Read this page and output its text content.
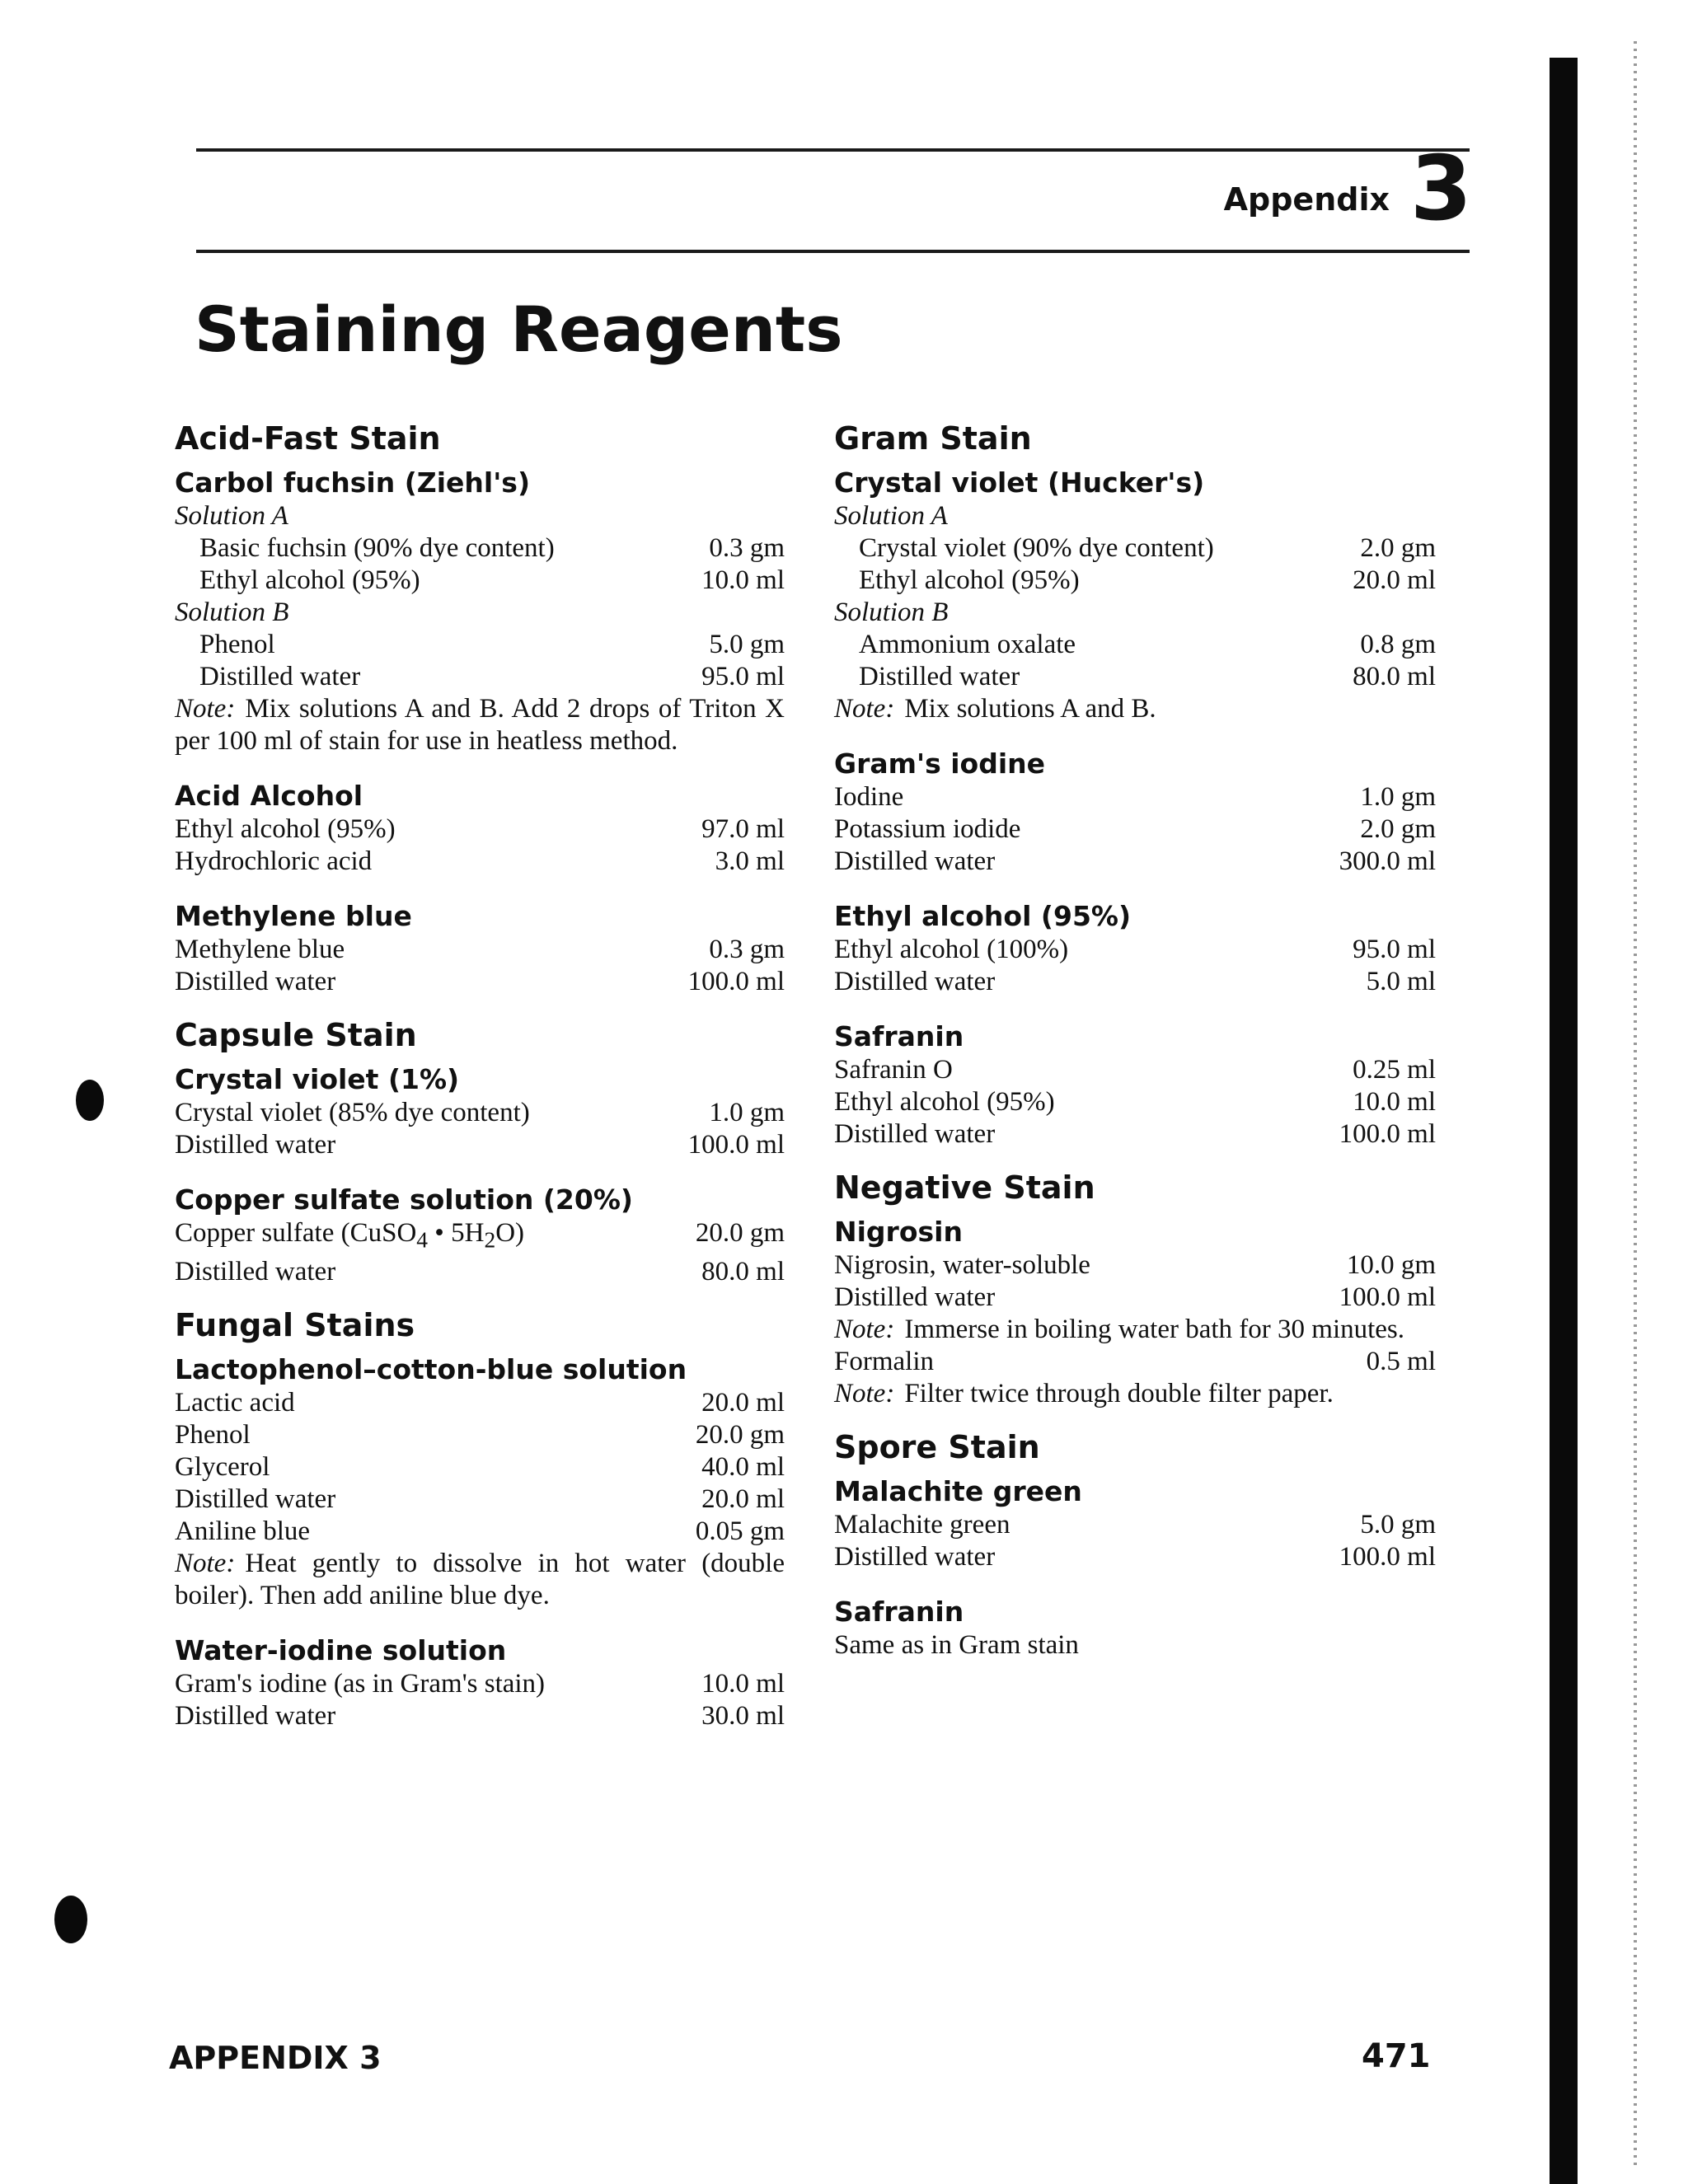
Appendix 3
Staining Reagents
Acid-Fast Stain
Carbol fuchsin (Ziehl's)
Solution A
Basic fuchsin (90% dye content)	0.3 gm
Ethyl alcohol (95%)	10.0 ml
Solution B
Phenol	5.0 gm
Distilled water	95.0 ml
Note: Mix solutions A and B. Add 2 drops of Triton X per 100 ml of stain for use in heatless method.
Acid Alcohol
Ethyl alcohol (95%)	97.0 ml
Hydrochloric acid	3.0 ml
Methylene blue
Methylene blue	0.3 gm
Distilled water	100.0 ml
Capsule Stain
Crystal violet (1%)
Crystal violet (85% dye content)	1.0 gm
Distilled water	100.0 ml
Copper sulfate solution (20%)
Copper sulfate (CuSO$_4$ • $5H_2O$)	20.0 gm
Distilled water	80.0 ml
Fungal Stains
Lactophenol–cotton-blue solution
Lactic acid	20.0 ml
Phenol	20.0 gm
Glycerol	40.0 ml
Distilled water	20.0 ml
Aniline blue	0.05 gm
Note: Heat gently to dissolve in hot water (double boiler). Then add aniline blue dye.
Water-iodine solution
Gram's iodine (as in Gram's stain)	10.0 ml
Distilled water	30.0 ml
Gram Stain
Crystal violet (Hucker's)
Solution A
Crystal violet (90% dye content)	2.0 gm
Ethyl alcohol (95%)	20.0 ml
Solution B
Ammonium oxalate	0.8 gm
Distilled water	80.0 ml
Note: Mix solutions A and B.
Gram's iodine
Iodine	1.0 gm
Potassium iodide	2.0 gm
Distilled water	300.0 ml
Ethyl alcohol (95%)
Ethyl alcohol (100%)	95.0 ml
Distilled water	5.0 ml
Safranin
Safranin O	0.25 ml
Ethyl alcohol (95%)	10.0 ml
Distilled water	100.0 ml
Negative Stain
Nigrosin
Nigrosin, water-soluble	10.0 gm
Distilled water	100.0 ml
Note: Immerse in boiling water bath for 30 minutes.
Formalin	0.5 ml
Note: Filter twice through double filter paper.
Spore Stain
Malachite green
Malachite green	5.0 gm
Distilled water	100.0 ml
Safranin
Same as in Gram stain
APPENDIX 3	471
